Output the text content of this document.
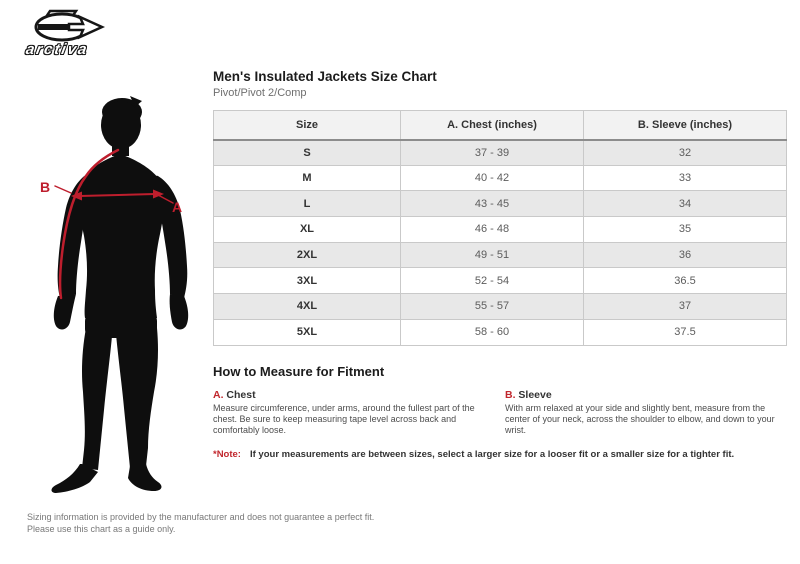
arctiva
B
A
Men's Insulated Jackets Size Chart
Pivot/Pivot 2/Comp
Size	A. Chest (inches)	B. Sleeve (inches)
S	37 - 39	32
M	40 - 42	33
L	43 - 45	34
XL	46 - 48	35
2XL	49 - 51	36
3XL	52 - 54	36.5
4XL	55 - 57	37
5XL	58 - 60	37.5
How to Measure for Fitment
A. Chest
Measure circumference, under arms, around the fullest part of the chest. Be sure to keep measuring tape level across back and comfortably loose.
B. Sleeve
With arm relaxed at your side and slightly bent, measure from the center of your neck, across the shoulder to elbow, and down to your wrist.
*Note: If your measurements are between sizes, select a larger size for a looser fit or a smaller size for a tighter fit.
Sizing information is provided by the manufacturer and does not guarantee a perfect fit.
Please use this chart as a guide only.
